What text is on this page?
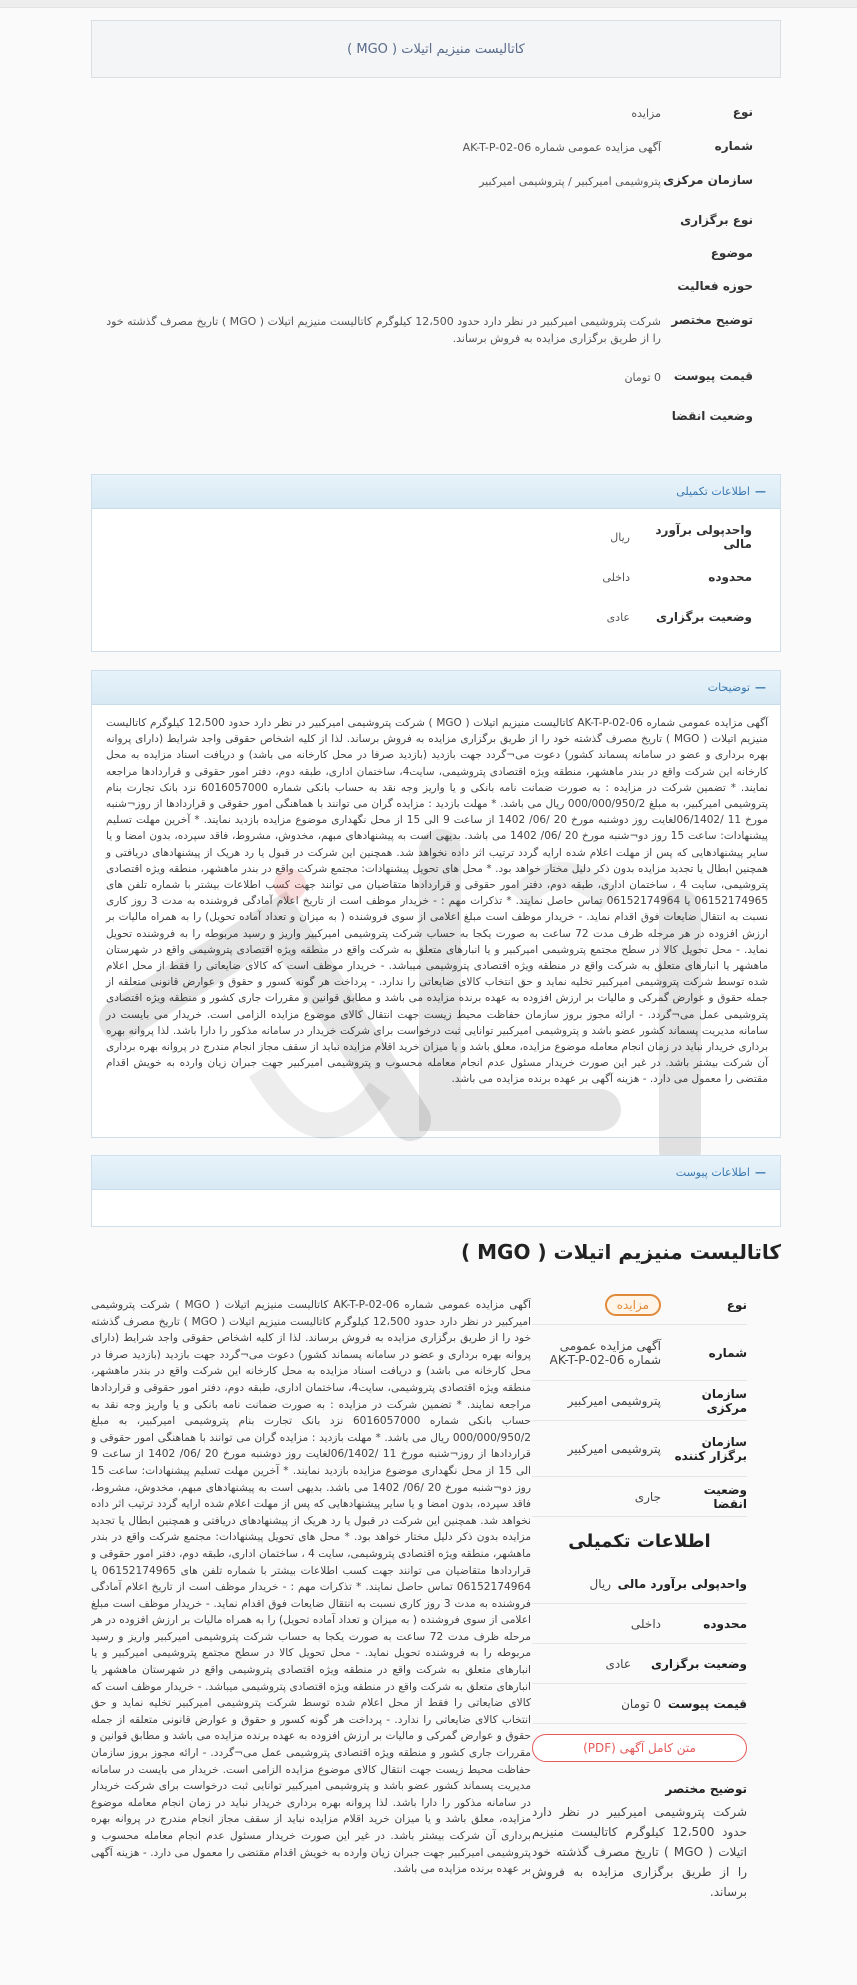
کاتالیست منیزیم اتیلات ( MGO )
نوع
مزایده
شماره
آگهی مزایده عمومی شماره AK-T-P-02-06
سازمان مرکزی
پتروشیمی امیرکبیر / پتروشیمی امیرکبیر
نوع برگزاری
موضوع
حوزه فعالیت
توضیح مختصر
شرکت پتروشیمی امیرکبیر در نظر دارد حدود 12،500 کیلوگرم کاتالیست منیزیم اتیلات ( MGO ) تاریخ مصرف گذشته خود را از طریق برگزاری مزایده به فروش برساند.
قیمت پیوست
0 تومان
وضعیت انقضا
—
اطلاعات تکمیلی
واحدپولی برآورد مالی
ریال
محدوده
داخلی
وضعیت برگزاری
عادی
—
توضیحات
آگهی مزایده عمومی شماره AK-T-P-02-06 کاتالیست منیزیم اتیلات ( MGO ) شرکت پتروشیمی امیرکبیر در نظر دارد حدود 12،500 کیلوگرم کاتالیست منیزیم اتیلات ( MGO ) تاریخ مصرف گذشته خود را از طریق برگزاری مزایده به فروش برساند. لذا از کلیه اشخاص حقوقی واجد شرایط (دارای پروانه بهره برداری و عضو در سامانه پسماند کشور) دعوت می¬گردد جهت بازدید (بازدید صرفا در محل کارخانه می باشد) و دریافت اسناد مزایده به محل کارخانه این شرکت واقع در بندر ماهشهر، منطقه ویژه اقتصادی پتروشیمی، سایت4، ساختمان اداری، طبقه دوم، دفتر امور حقوقی و قراردادها مراجعه نمایند. * تضمین شرکت در مزایده : به صورت ضمانت نامه بانکی و یا واریز وجه نقد به حساب بانکی شماره 6016057000 نزد بانک تجارت بنام پتروشیمی امیرکبیر، به مبلغ 000/000/950/2 ریال می باشد. * مهلت بازدید : مزایده گران می توانند با هماهنگی امور حقوقی و قراردادها از روز¬شنبه مورخ 11 /06/1402لغایت روز دوشنبه مورخ 20 /06/ 1402 از ساعت 9 الی 15 از محل نگهداری موضوع مزایده بازدید نمایند. * آخرین مهلت تسلیم پیشنهادات: ساعت 15 روز دو¬شنبه مورخ 20 /06/ 1402 می باشد. بدیهی است به پیشنهادهای مبهم، مخدوش، مشروط، فاقد سپرده، بدون امضا و یا سایر پیشنهادهایی که پس از مهلت اعلام شده ارایه گردد ترتیب اثر داده نخواهد شد. همچنین این شرکت در قبول یا رد هریک از پیشنهادهای دریافتی و همچنین ابطال یا تجدید مزایده بدون ذکر دلیل مختار خواهد بود. * محل های تحویل پیشنهادات: مجتمع شرکت واقع در بندر ماهشهر، منطقه ویژه اقتصادی پتروشیمی، سایت 4 ، ساختمان اداری، طبقه دوم، دفتر امور حقوقی و قراردادها متقاضیان می توانند جهت کسب اطلاعات بیشتر با شماره تلفن های 06152174965 یا 06152174964 تماس حاصل نمایند. * تذکرات مهم : - خریدار موظف است از تاریخ اعلام آمادگی فروشنده به مدت 3 روز کاری نسبت به انتقال ضایعات فوق اقدام نماید. - خریدار موظف است مبلغ اعلامی از سوی فروشنده ( به میزان و تعداد آماده تحویل) را به همراه مالیات بر ارزش افزوده در هر مرحله ظرف مدت 72 ساعت به صورت یکجا به حساب شرکت پتروشیمی امیرکبیر واریز و رسید مربوطه را به فروشنده تحویل نماید. - محل تحویل کالا در سطح مجتمع پتروشیمی امیرکبیر و یا انبارهای متعلق به شرکت واقع در منطقه ویژه اقتصادی پتروشیمی واقع در شهرستان ماهشهر یا انبارهای متعلق به شرکت واقع در منطقه ویژه اقتصادی پتروشیمی میباشد. - خریدار موظف است که کالای ضایعاتی را فقط از محل اعلام شده توسط شرکت پتروشیمی امیرکبیر تخلیه نماید و حق انتخاب کالای ضایعاتی را ندارد. - پرداخت هر گونه کسور و حقوق و عوارض قانونی متعلقه از جمله حقوق و عوارض گمرکی و مالیات بر ارزش افزوده به عهده برنده مزایده می باشد و مطابق قوانین و مقررات جاری کشور و منطقه ویژه اقتصادی پتروشیمی عمل می¬گردد. - ارائه مجوز بروز سازمان حفاظت محیط زیست جهت انتقال کالای موضوع مزایده الزامی است. خریدار می بایست در سامانه مدیریت پسماند کشور عضو باشد و پتروشیمی امیرکبیر توانایی ثبت درخواست برای شرکت خریدار در سامانه مذکور را دارا باشد. لذا پروانه بهره برداری خریدار نباید در زمان انجام معامله موضوع مزایده، معلق باشد و یا میزان خرید اقلام مزایده نباید از سقف مجاز انجام مندرج در پروانه بهره برداری آن شرکت بیشتر باشد. در غیر این صورت خریدار مسئول عدم انجام معامله محسوب و پتروشیمی امیرکبیر جهت جبران زیان وارده به خویش اقدام مقتضی را معمول می دارد. - هزینه آگهی بر عهده برنده مزایده می باشد.
—
اطلاعات پیوست
کاتالیست منیزیم اتیلات ( MGO )
نوع
مزایده
شماره
آگهی مزایده عمومی شماره AK-T-P-02-06
سازمان مرکزی
پتروشیمی امیرکبیر
سازمان برگزار کننده
پتروشیمی امیرکبیر
وضعیت انقضا
جاری
اطلاعات تکمیلی
واحدپولی برآورد مالی
ریال
محدوده
داخلی
وضعیت برگزاری
عادی
قیمت پیوست
0 تومان
متن کامل آگهی (PDF)
توضیح مختصر
شرکت پتروشیمی امیرکبیر در نظر دارد حدود 12،500 کیلوگرم کاتالیست منیزیم اتیلات ( MGO ) تاریخ مصرف گذشته خود را از طریق برگزاری مزایده به فروش برساند.
آگهی مزایده عمومی شماره AK-T-P-02-06 کاتالیست منیزیم اتیلات ( MGO ) شرکت پتروشیمی امیرکبیر در نظر دارد حدود 12،500 کیلوگرم کاتالیست منیزیم اتیلات ( MGO ) تاریخ مصرف گذشته خود را از طریق برگزاری مزایده به فروش برساند. لذا از کلیه اشخاص حقوقی واجد شرایط (دارای پروانه بهره برداری و عضو در سامانه پسماند کشور) دعوت می¬گردد جهت بازدید (بازدید صرفا در محل کارخانه می باشد) و دریافت اسناد مزایده به محل کارخانه این شرکت واقع در بندر ماهشهر، منطقه ویژه اقتصادی پتروشیمی، سایت4، ساختمان اداری، طبقه دوم، دفتر امور حقوقی و قراردادها مراجعه نمایند. * تضمین شرکت در مزایده : به صورت ضمانت نامه بانکی و یا واریز وجه نقد به حساب بانکی شماره 6016057000 نزد بانک تجارت بنام پتروشیمی امیرکبیر، به مبلغ 000/000/950/2 ریال می باشد. * مهلت بازدید : مزایده گران می توانند با هماهنگی امور حقوقی و قراردادها از روز¬شنبه مورخ 11 /06/1402لغایت روز دوشنبه مورخ 20 /06/ 1402 از ساعت 9 الی 15 از محل نگهداری موضوع مزایده بازدید نمایند. * آخرین مهلت تسلیم پیشنهادات: ساعت 15 روز دو¬شنبه مورخ 20 /06/ 1402 می باشد. بدیهی است به پیشنهادهای مبهم، مخدوش، مشروط، فاقد سپرده، بدون امضا و یا سایر پیشنهادهایی که پس از مهلت اعلام شده ارایه گردد ترتیب اثر داده نخواهد شد. همچنین این شرکت در قبول یا رد هریک از پیشنهادهای دریافتی و همچنین ابطال یا تجدید مزایده بدون ذکر دلیل مختار خواهد بود. * محل های تحویل پیشنهادات: مجتمع شرکت واقع در بندر ماهشهر، منطقه ویژه اقتصادی پتروشیمی، سایت 4 ، ساختمان اداری، طبقه دوم، دفتر امور حقوقی و قراردادها متقاضیان می توانند جهت کسب اطلاعات بیشتر با شماره تلفن های 06152174965 یا 06152174964 تماس حاصل نمایند. * تذکرات مهم : - خریدار موظف است از تاریخ اعلام آمادگی فروشنده به مدت 3 روز کاری نسبت به انتقال ضایعات فوق اقدام نماید. - خریدار موظف است مبلغ اعلامی از سوی فروشنده ( به میزان و تعداد آماده تحویل) را به همراه مالیات بر ارزش افزوده در هر مرحله ظرف مدت 72 ساعت به صورت یکجا به حساب شرکت پتروشیمی امیرکبیر واریز و رسید مربوطه را به فروشنده تحویل نماید. - محل تحویل کالا در سطح مجتمع پتروشیمی امیرکبیر و یا انبارهای متعلق به شرکت واقع در منطقه ویژه اقتصادی پتروشیمی واقع در شهرستان ماهشهر یا انبارهای متعلق به شرکت واقع در منطقه ویژه اقتصادی پتروشیمی میباشد. - خریدار موظف است که کالای ضایعاتی را فقط از محل اعلام شده توسط شرکت پتروشیمی امیرکبیر تخلیه نماید و حق انتخاب کالای ضایعاتی را ندارد. - پرداخت هر گونه کسور و حقوق و عوارض قانونی متعلقه از جمله حقوق و عوارض گمرکی و مالیات بر ارزش افزوده به عهده برنده مزایده می باشد و مطابق قوانین و مقررات جاری کشور و منطقه ویژه اقتصادی پتروشیمی عمل می¬گردد. - ارائه مجوز بروز سازمان حفاظت محیط زیست جهت انتقال کالای موضوع مزایده الزامی است. خریدار می بایست در سامانه مدیریت پسماند کشور عضو باشد و پتروشیمی امیرکبیر توانایی ثبت درخواست برای شرکت خریدار در سامانه مذکور را دارا باشد. لذا پروانه بهره برداری خریدار نباید در زمان انجام معامله موضوع مزایده، معلق باشد و یا میزان خرید اقلام مزایده نباید از سقف مجاز انجام مندرج در پروانه بهره برداری آن شرکت بیشتر باشد. در غیر این صورت خریدار مسئول عدم انجام معامله محسوب و پتروشیمی امیرکبیر جهت جبران زیان وارده به خویش اقدام مقتضی را معمول می دارد. - هزینه آگهی بر عهده برنده مزایده می باشد.
